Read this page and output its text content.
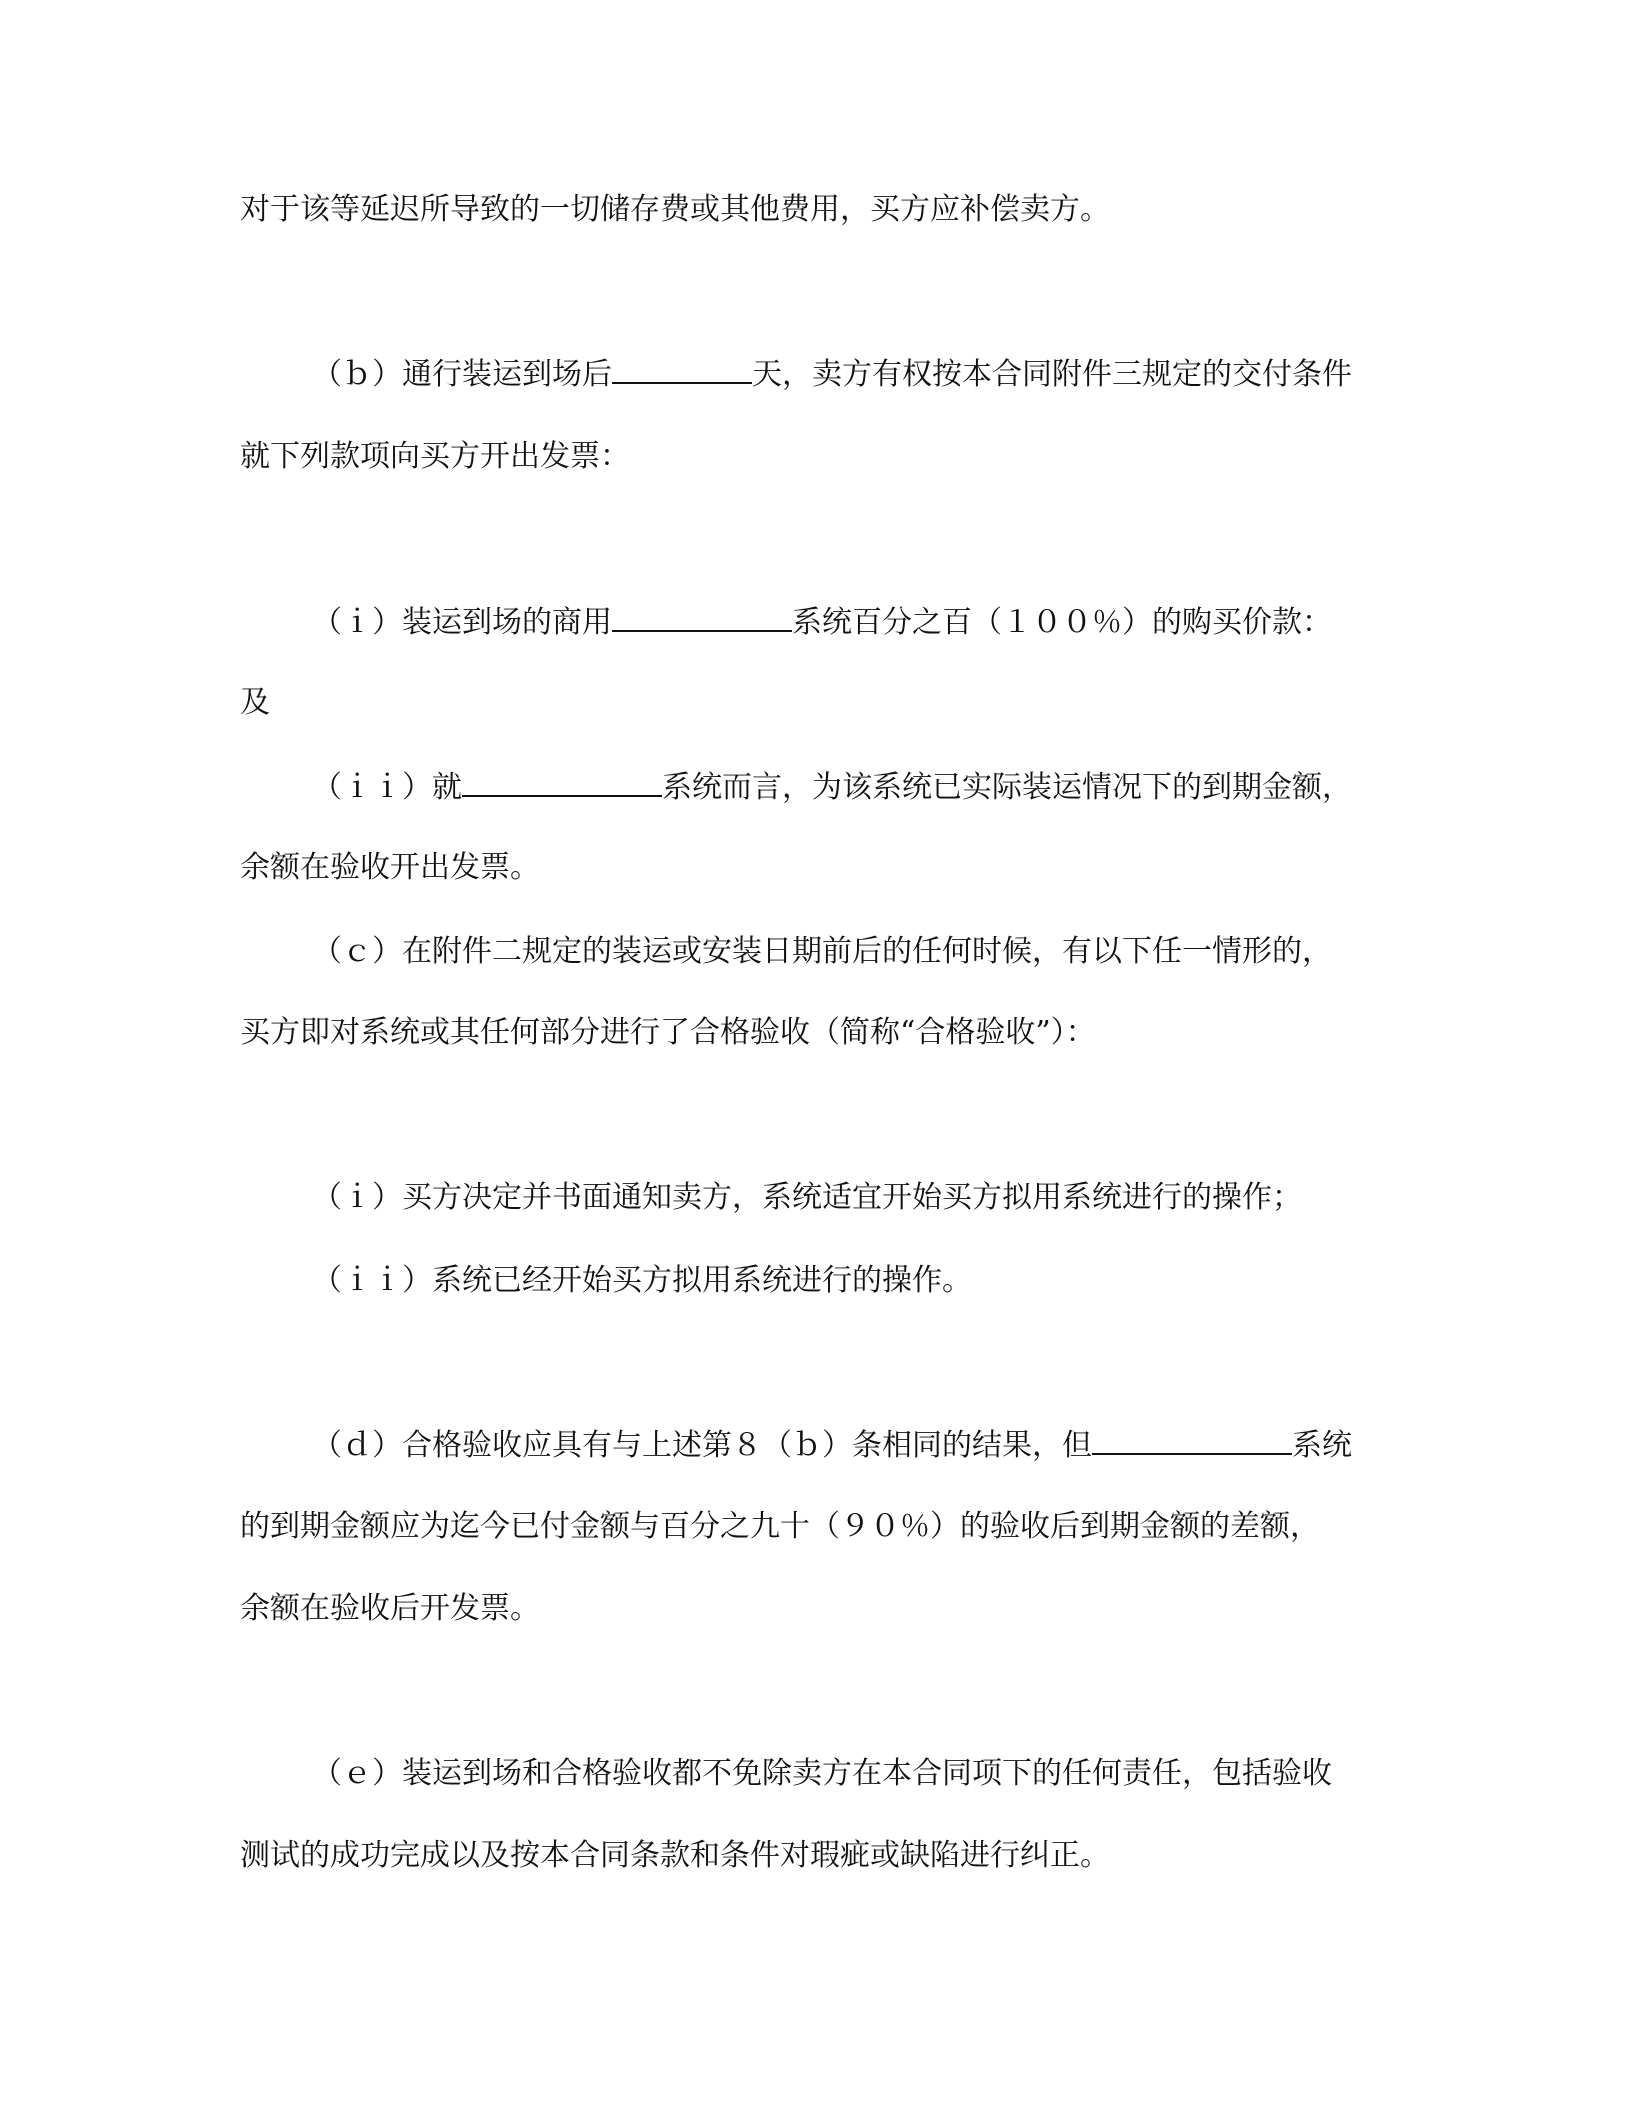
对于该等延迟所导致的一切储存费或其他费用，买方应补偿卖方。
（ｂ）通行装运到场后	天，卖方有权按本合同附件三规定的交付条件
就下列款项向买方开出发票：
（ｉ）装运到场的商用	系统百分之百（１００％）的购买价款：
及
（ｉｉ）就	系统而言，为该系统已实际装运情况下的到期金额，
余额在验收开出发票。
（ｃ）在附件二规定的装运或安装日期前后的任何时候，有以下任一情形的，
买方即对系统或其任何部分进行了合格验收（简称“合格验收”）：
（ｉ）买方决定并书面通知卖方，系统适宜开始买方拟用系统进行的操作；
（ｉｉ）系统已经开始买方拟用系统进行的操作。
（ｄ）合格验收应具有与上述第８（ｂ）条相同的结果，但	系统
的到期金额应为迄今已付金额与百分之九十（９０％）的验收后到期金额的差额，
余额在验收后开发票。
（ｅ）装运到场和合格验收都不免除卖方在本合同项下的任何责任，包括验收
测试的成功完成以及按本合同条款和条件对瑕疵或缺陷进行纠正。
